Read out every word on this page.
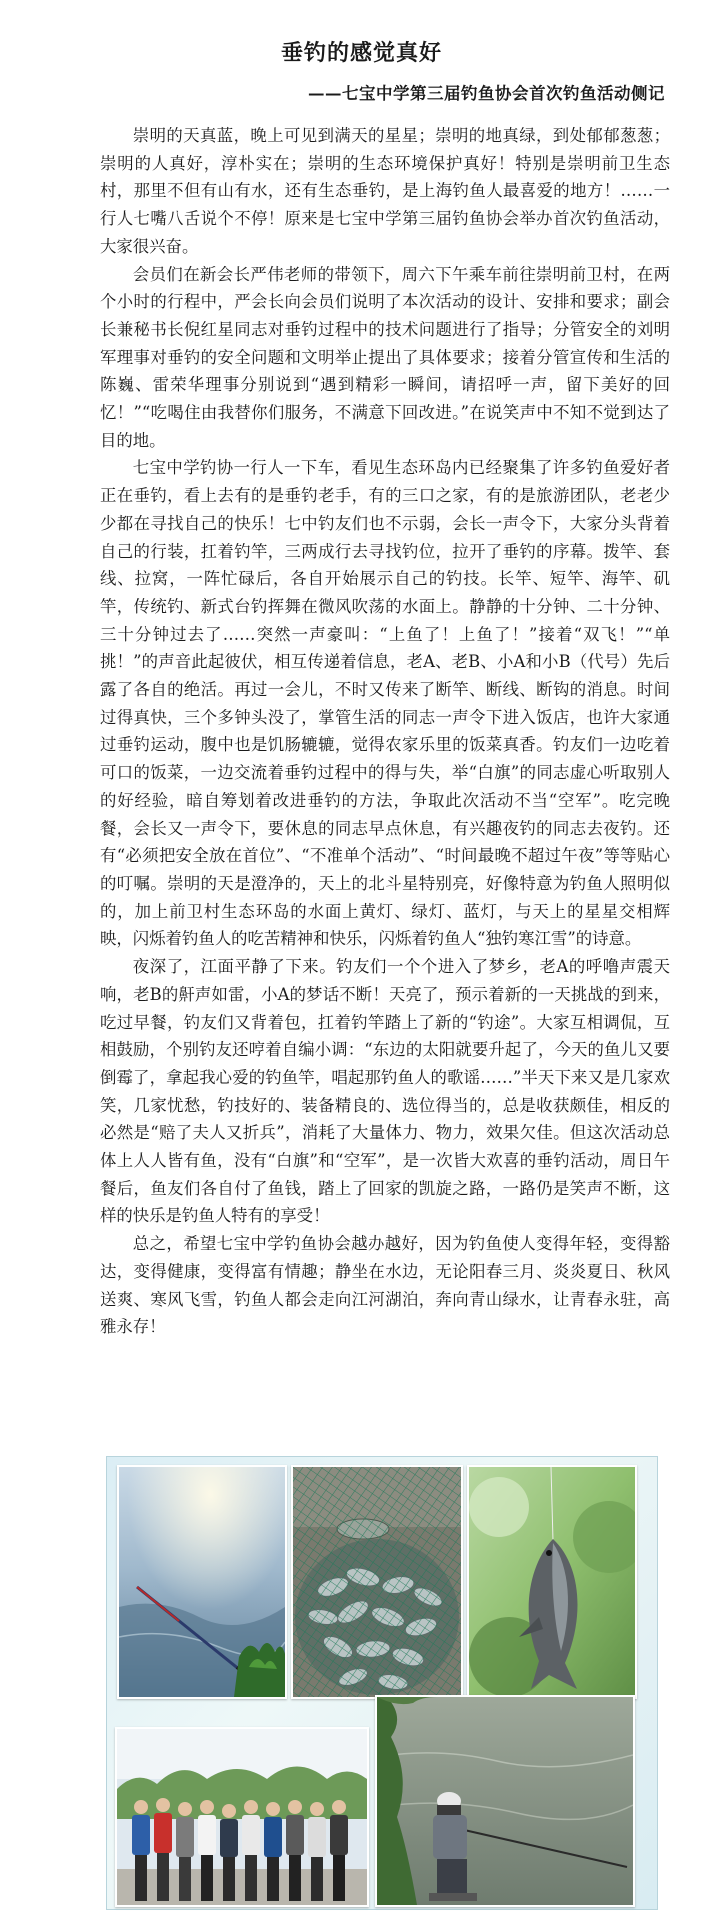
垂钓的感觉真好
——七宝中学第三届钓鱼协会首次钓鱼活动侧记

崇明的天真蓝，晚上可见到满天的星星；崇明的地真绿，到处郁郁葱葱；崇明的人真好，淳朴实在；崇明的生态环境保护真好！特别是崇明前卫生态村，那里不但有山有水，还有生态垂钓，是上海钓鱼人最喜爱的地方！……一行人七嘴八舌说个不停！原来是七宝中学第三届钓鱼协会举办首次钓鱼活动，大家很兴奋。

会员们在新会长严伟老师的带领下，周六下午乘车前往崇明前卫村，在两个小时的行程中，严会长向会员们说明了本次活动的设计、安排和要求；副会长兼秘书长倪红星同志对垂钓过程中的技术问题进行了指导；分管安全的刘明军理事对垂钓的安全问题和文明举止提出了具体要求；接着分管宣传和生活的陈巍、雷荣华理事分别说到“遇到精彩一瞬间，请招呼一声，留下美好的回忆！”“吃喝住由我替你们服务，不满意下回改进。”在说笑声中不知不觉到达了目的地。

七宝中学钓协一行人一下车，看见生态环岛内已经聚集了许多钓鱼爱好者正在垂钓，看上去有的是垂钓老手，有的三口之家，有的是旅游团队，老老少少都在寻找自己的快乐！七中钓友们也不示弱，会长一声令下，大家分头背着自己的行装，扛着钓竿，三两成行去寻找钓位，拉开了垂钓的序幕。拨竿、套线、拉窝，一阵忙碌后，各自开始展示自己的钓技。长竿、短竿、海竿、矶竿，传统钓、新式台钓挥舞在微风吹荡的水面上。静静的十分钟、二十分钟、三十分钟过去了……突然一声豪叫：“上鱼了！上鱼了！”接着“双飞！”“单挑！”的声音此起彼伏，相互传递着信息，老A、老B、小A和小B（代号）先后露了各自的绝活。再过一会儿，不时又传来了断竿、断线、断钩的消息。时间过得真快，三个多钟头没了，掌管生活的同志一声令下进入饭店，也许大家通过垂钓运动，腹中也是饥肠辘辘，觉得农家乐里的饭菜真香。钓友们一边吃着可口的饭菜，一边交流着垂钓过程中的得与失，举“白旗”的同志虚心听取别人的好经验，暗自筹划着改进垂钓的方法，争取此次活动不当“空军”。吃完晚餐，会长又一声令下，要休息的同志早点休息，有兴趣夜钓的同志去夜钓。还有“必须把安全放在首位”、“不准单个活动”、“时间最晚不超过午夜”等等贴心的叮嘱。崇明的天是澄净的，天上的北斗星特别亮，好像特意为钓鱼人照明似的，加上前卫村生态环岛的水面上黄灯、绿灯、蓝灯，与天上的星星交相辉映，闪烁着钓鱼人的吃苦精神和快乐，闪烁着钓鱼人“独钓寒江雪”的诗意。

夜深了，江面平静了下来。钓友们一个个进入了梦乡，老A的呼噜声震天响，老B的鼾声如雷，小A的梦话不断！天亮了，预示着新的一天挑战的到来，吃过早餐，钓友们又背着包，扛着钓竿踏上了新的“钓途”。大家互相调侃，互相鼓励，个别钓友还哼着自编小调：“东边的太阳就要升起了，今天的鱼儿又要倒霉了，拿起我心爱的钓鱼竿，唱起那钓鱼人的歌谣……”半天下来又是几家欢笑，几家忧愁，钓技好的、装备精良的、选位得当的，总是收获颇佳，相反的必然是“赔了夫人又折兵”，消耗了大量体力、物力，效果欠佳。但这次活动总体上人人皆有鱼，没有“白旗”和“空军”，是一次皆大欢喜的垂钓活动，周日午餐后，鱼友们各自付了鱼钱，踏上了回家的凯旋之路，一路仍是笑声不断，这样的快乐是钓鱼人特有的享受！

总之，希望七宝中学钓鱼协会越办越好，因为钓鱼使人变得年轻，变得豁达，变得健康，变得富有情趣；静坐在水边，无论阳春三月、炎炎夏日、秋风送爽、寒风飞雪，钓鱼人都会走向江河湖泊，奔向青山绿水，让青春永驻，高雅永存！
